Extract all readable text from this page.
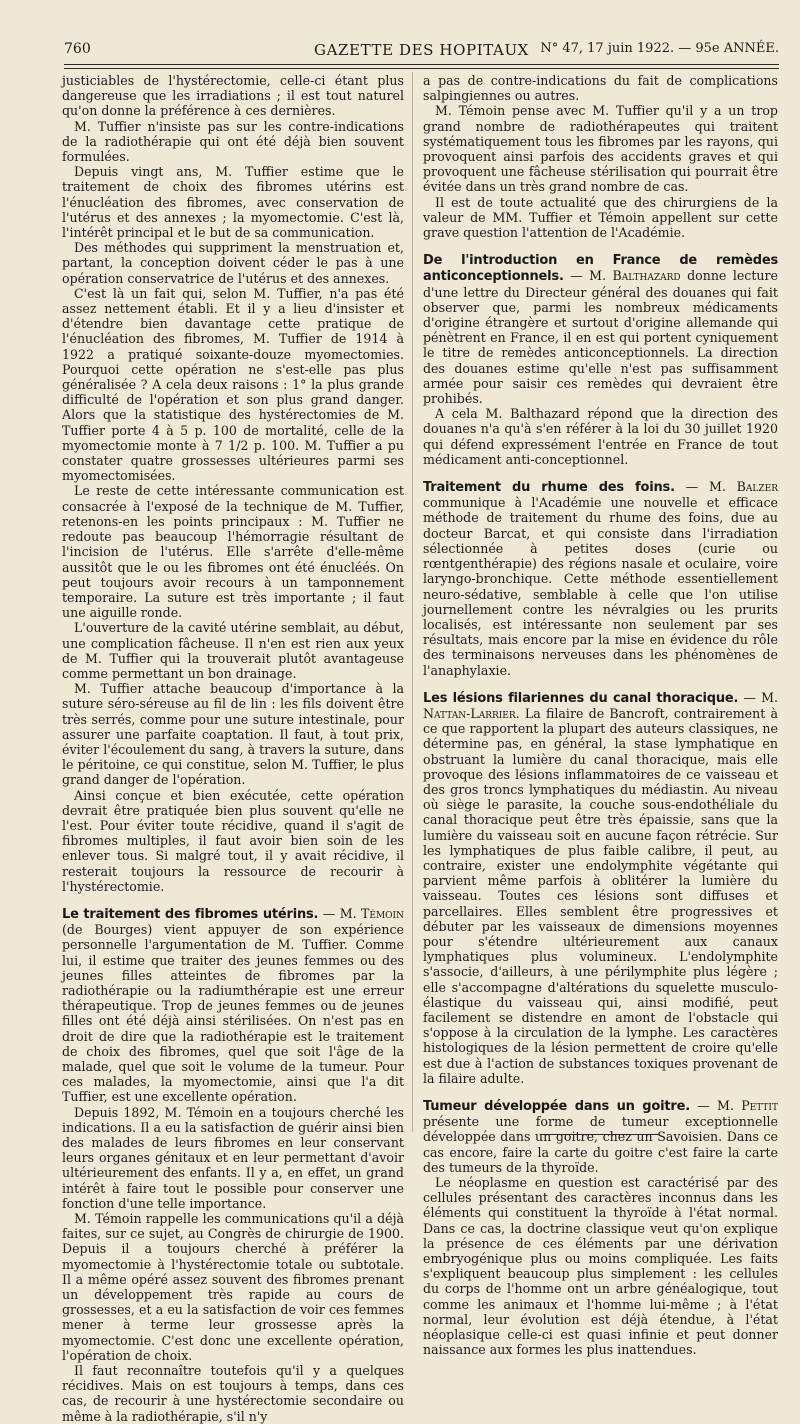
760	GAZETTE DES HOPITAUX N° 47, 17 juin 1922. — 95e ANNÉE.

justiciables de l'hystérectomie, celle-ci étant plus dangereuse que les irradiations ; il est tout naturel qu'on donne la préférence à ces dernières.

M. Tuffier n'insiste pas sur les contre-indications de la radiothérapie qui ont été déjà bien souvent formulées.

Depuis vingt ans, M. Tuffier estime que le traitement de choix des fibromes utérins est l'énucléation des fibromes, avec conservation de l'utérus et des annexes ; la myomectomie. C'est là, l'intérêt principal et le but de sa communication.

Des méthodes qui suppriment la menstruation et, partant, la conception doivent céder le pas à une opération conservatrice de l'utérus et des annexes.

C'est là un fait qui, selon M. Tuffier, n'a pas été assez nettement établi. Et il y a lieu d'insister et d'étendre bien davantage cette pratique de l'énucléation des fibromes, M. Tuffier de 1914 à 1922 a pratiqué soixante-douze myomectomies. Pourquoi cette opération ne s'est-elle pas plus généralisée ? A cela deux raisons : 1° la plus grande difficulté de l'opération et son plus grand danger. Alors que la statistique des hystérectomies de M. Tuffier porte 4 à 5 p. 100 de mortalité, celle de la myomectomie monte à 7 1/2 p. 100. M. Tuffier a pu constater quatre grossesses ultérieures parmi ses myomectomisées.

Le reste de cette intéressante communication est consacrée à l'exposé de la technique de M. Tuffier, retenons-en les points principaux : M. Tuffier ne redoute pas beaucoup l'hémorragie résultant de l'incision de l'utérus. Elle s'arrête d'elle-même aussitôt que le ou les fibromes ont été énucléés. On peut toujours avoir recours à un tamponnement temporaire. La suture est très importante ; il faut une aiguille ronde.

L'ouverture de la cavité utérine semblait, au début, une complication fâcheuse. Il n'en est rien aux yeux de M. Tuffier qui la trouverait plutôt avantageuse comme permettant un bon drainage.

M. Tuffier attache beaucoup d'importance à la suture séro-séreuse au fil de lin : les fils doivent être très serrés, comme pour une suture intestinale, pour assurer une parfaite coaptation. Il faut, à tout prix, éviter l'écoulement du sang, à travers la suture, dans le péritoine, ce qui constitue, selon M. Tuffier, le plus grand danger de l'opération.

Ainsi conçue et bien exécutée, cette opération devrait être pratiquée bien plus souvent qu'elle ne l'est. Pour éviter toute récidive, quand il s'agit de fibromes multiples, il faut avoir bien soin de les enlever tous. Si malgré tout, il y avait récidive, il resterait toujours la ressource de recourir à l'hystérectomie.

Le traitement des fibromes utérins. — M. Témoin (de Bourges) vient appuyer de son expérience personnelle l'argumentation de M. Tuffier. Comme lui, il estime que traiter des jeunes femmes ou des jeunes filles atteintes de fibromes par la radiothérapie ou la radiumthérapie est une erreur thérapeutique. Trop de jeunes femmes ou de jeunes filles ont été déjà ainsi stérilisées. On n'est pas en droit de dire que la radiothérapie est le traitement de choix des fibromes, quel que soit l'âge de la malade, quel que soit le volume de la tumeur. Pour ces malades, la myomectomie, ainsi que l'a dit Tuffier, est une excellente opération.

Depuis 1892, M. Témoin en a toujours cherché les indications. Il a eu la satisfaction de guérir ainsi bien des malades de leurs fibromes en leur conservant leurs organes génitaux et en leur permettant d'avoir ultérieurement des enfants. Il y a, en effet, un grand intérêt à faire tout le possible pour conserver une fonction d'une telle importance.

M. Témoin rappelle les communications qu'il a déjà faites, sur ce sujet, au Congrès de chirurgie de 1900. Depuis il a toujours cherché à préférer la myomectomie à l'hystérectomie totale ou subtotale. Il a même opéré assez souvent des fibromes prenant un développement très rapide au cours de grossesses, et a eu la satisfaction de voir ces femmes mener à terme leur grossesse après la myomectomie. C'est donc une excellente opération, l'opération de choix.

Il faut reconnaître toutefois qu'il y a quelques récidives. Mais on est toujours à temps, dans ces cas, de recourir à une hystérectomie secondaire ou même à la radiothérapie, s'il n'y

a pas de contre-indications du fait de complications salpingiennes ou autres.

M. Témoin pense avec M. Tuffier qu'il y a un trop grand nombre de radiothérapeutes qui traitent systématiquement tous les fibromes par les rayons, qui provoquent ainsi parfois des accidents graves et qui provoquent une fâcheuse stérilisation qui pourrait être évitée dans un très grand nombre de cas.

Il est de toute actualité que des chirurgiens de la valeur de MM. Tuffier et Témoin appellent sur cette grave question l'attention de l'Académie.

De l'introduction en France de remèdes anticonceptionnels. — M. Balthazard donne lecture d'une lettre du Directeur général des douanes qui fait observer que, parmi les nombreux médicaments d'origine étrangère et surtout d'origine allemande qui pénètrent en France, il en est qui portent cyniquement le titre de remèdes anticonceptionnels. La direction des douanes estime qu'elle n'est pas suffisamment armée pour saisir ces remèdes qui devraient être prohibés.

A cela M. Balthazard répond que la direction des douanes n'a qu'à s'en référer à la loi du 30 juillet 1920 qui défend expressément l'entrée en France de tout médicament anti-conceptionnel.

Traitement du rhume des foins. — M. Balzer communique à l'Académie une nouvelle et efficace méthode de traitement du rhume des foins, due au docteur Barcat, et qui consiste dans l'irradiation sélectionnée à petites doses (curie ou rœntgenthérapie) des régions nasale et oculaire, voire laryngo-bronchique. Cette méthode essentiellement neuro-sédative, semblable à celle que l'on utilise journellement contre les névralgies ou les prurits localisés, est intéressante non seulement par ses résultats, mais encore par la mise en évidence du rôle des terminaisons nerveuses dans les phénomènes de l'anaphylaxie.

Les lésions filariennes du canal thoracique. — M. Nattan-Larrier. La filaire de Bancroft, contrairement à ce que rapportent la plupart des auteurs classiques, ne détermine pas, en général, la stase lymphatique en obstruant la lumière du canal thoracique, mais elle provoque des lésions inflammatoires de ce vaisseau et des gros troncs lymphatiques du médiastin. Au niveau où siège le parasite, la couche sous-endothéliale du canal thoracique peut être très épaissie, sans que la lumière du vaisseau soit en aucune façon rétrécie. Sur les lymphatiques de plus faible calibre, il peut, au contraire, exister une endolymphite végétante qui parvient même parfois à oblitérer la lumière du vaisseau. Toutes ces lésions sont diffuses et parcellaires. Elles semblent être progressives et débuter par les vaisseaux de dimensions moyennes pour s'étendre ultérieurement aux canaux lymphatiques plus volumineux. L'endolymphite s'associe, d'ailleurs, à une périlymphite plus légère ; elle s'accompagne d'altérations du squelette musculo-élastique du vaisseau qui, ainsi modifié, peut facilement se distendre en amont de l'obstacle qui s'oppose à la circulation de la lymphe. Les caractères histologiques de la lésion permettent de croire qu'elle est due à l'action de substances toxiques provenant de la filaire adulte.

Tumeur développée dans un goitre. — M. Pettit présente une forme de tumeur exceptionnelle développée dans un goitre, chez un Savoisien. Dans ce cas encore, faire la carte du goitre c'est faire la carte des tumeurs de la thyroïde.

Le néoplasme en question est caractérisé par des cellules présentant des caractères inconnus dans les éléments qui constituent la thyroïde à l'état normal. Dans ce cas, la doctrine classique veut qu'on explique la présence de ces éléments par une dérivation embryogénique plus ou moins compliquée. Les faits s'expliquent beaucoup plus simplement : les cellules du corps de l'homme ont un arbre généalogique, tout comme les animaux et l'homme lui-même ; à l'état normal, leur évolution est déjà étendue, à l'état néoplasique celle-ci est quasi infinie et peut donner naissance aux formes les plus inattendues.
